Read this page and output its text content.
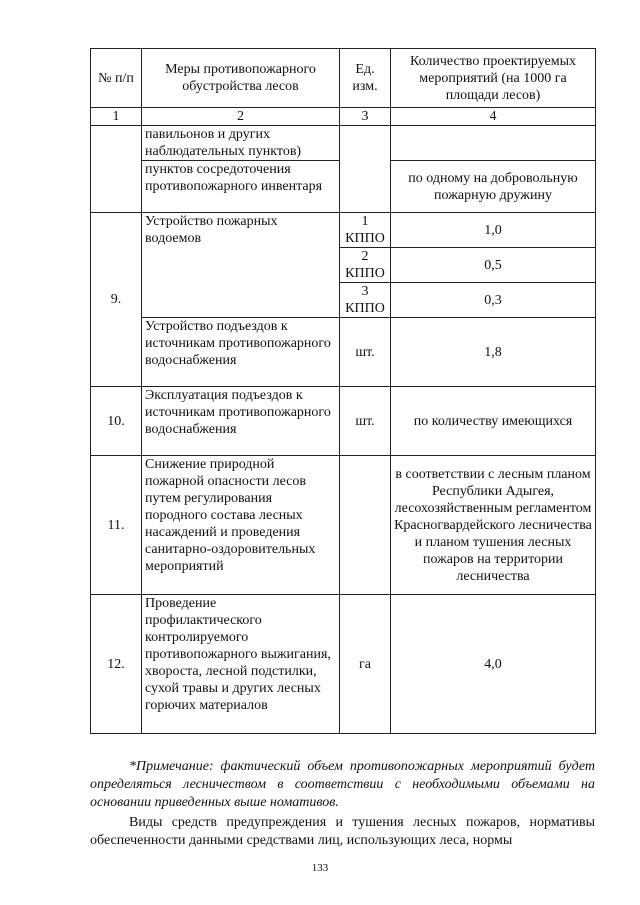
№ п/п	Меры противопожарного обустройства лесов	Ед. изм.	Количество проектируемых мероприятий (на 1000 га площади лесов)
1	2	3	4
	павильонов и других наблюдательных пунктов)		
	пунктов сосредоточения противопожарного инвентаря		по одному на добровольную пожарную дружину
9.	Устройство пожарных водоемов	1 КППО	1,0
		2 КППО	0,5
		3 КППО	0,3
	Устройство подъездов к источникам противопожарного водоснабжения	шт.	1,8
10.	Эксплуатация подъездов к источникам противопожарного водоснабжения	шт.	по количеству имеющихся
11.	Снижение природной пожарной опасности лесов путем регулирования породного состава лесных насаждений и проведения санитарно-оздоровительных мероприятий		в соответствии с лесным планом Республики Адыгея, лесохозяйственным регламентом Красногвардейского лесничества и планом тушения лесных пожаров на территории лесничества
12.	Проведение профилактического контролируемого противопожарного выжигания, хвороста, лесной подстилки, сухой травы и других лесных горючих материалов	га	4,0

*Примечание: фактический объем противопожарных мероприятий будет определяться лесничеством в соответствии с необходимыми объемами на основании приведенных выше номативов.

Виды средств предупреждения и тушения лесных пожаров, нормативы обеспеченности данными средствами лиц, использующих леса, нормы

133
